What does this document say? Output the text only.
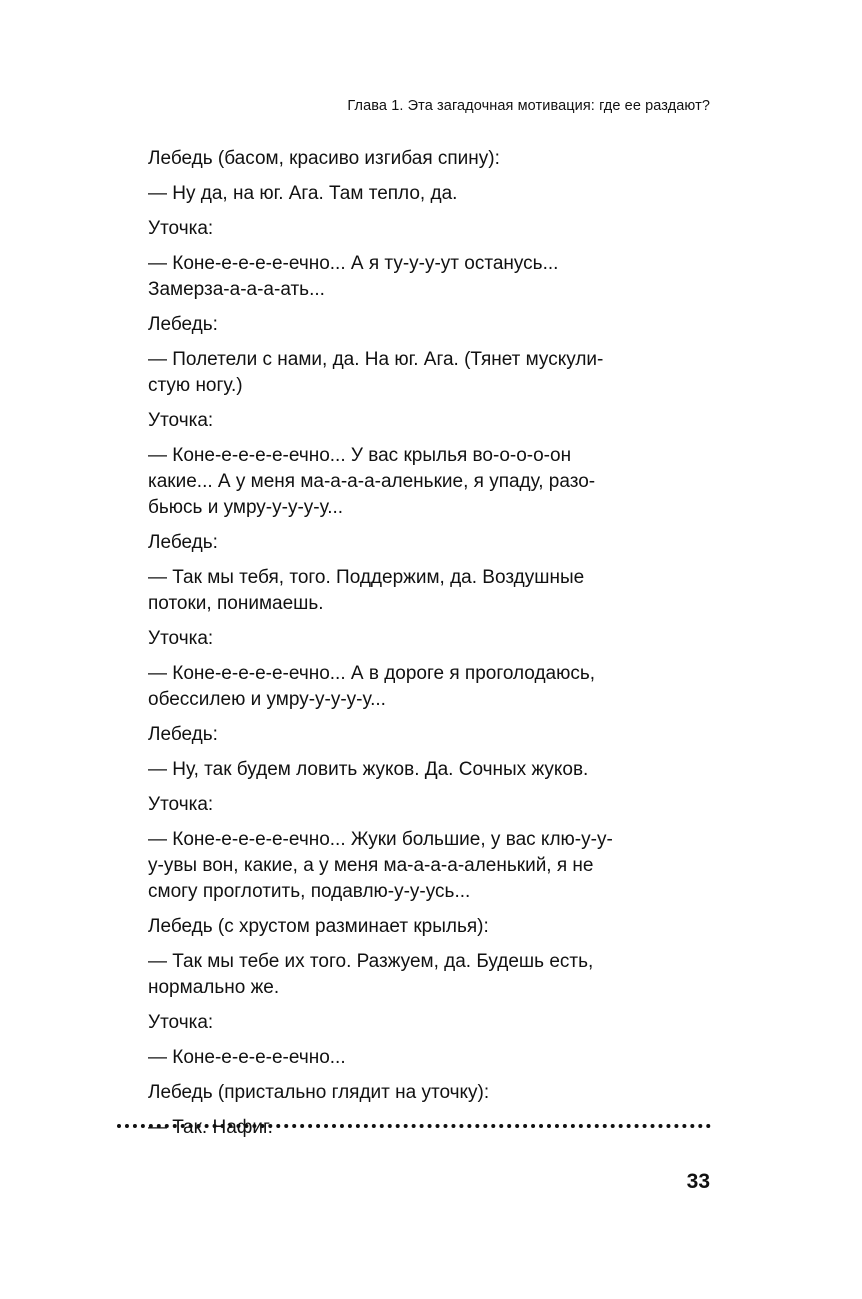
Глава 1. Эта загадочная мотивация: где ее раздают?

Лебедь (басом, красиво изгибая спину):

— Ну да, на юг. Ага. Там тепло, да.

Уточка:

— Коне-е-е-е-е-ечно... А я ту-у-у-ут останусь...
Замерза-а-а-а-ать...

Лебедь:

— Полетели с нами, да. На юг. Ага. (Тянет мускули-
стую ногу.)

Уточка:

— Коне-е-е-е-е-ечно... У вас крылья во-о-о-о-он
какие... А у меня ма-а-а-а-аленькие, я упаду, разо-
бьюсь и умру-у-у-у-у...

Лебедь:

— Так мы тебя, того. Поддержим, да. Воздушные
потоки, понимаешь.

Уточка:

— Коне-е-е-е-е-ечно... А в дороге я проголодаюсь,
обессилею и умру-у-у-у-у...

Лебедь:

— Ну, так будем ловить жуков. Да. Сочных жуков.

Уточка:

— Коне-е-е-е-е-ечно... Жуки большие, у вас клю-у-у-
у-увы вон, какие, а у меня ма-а-а-а-аленький, я не
смогу проглотить, подавлю-у-у-усь...

Лебедь (с хрустом разминает крылья):

— Так мы тебе их того. Разжуем, да. Будешь есть,
нормально же.

Уточка:

— Коне-е-е-е-е-ечно...

Лебедь (пристально глядит на уточку):

— Так. Нафиг.

33
